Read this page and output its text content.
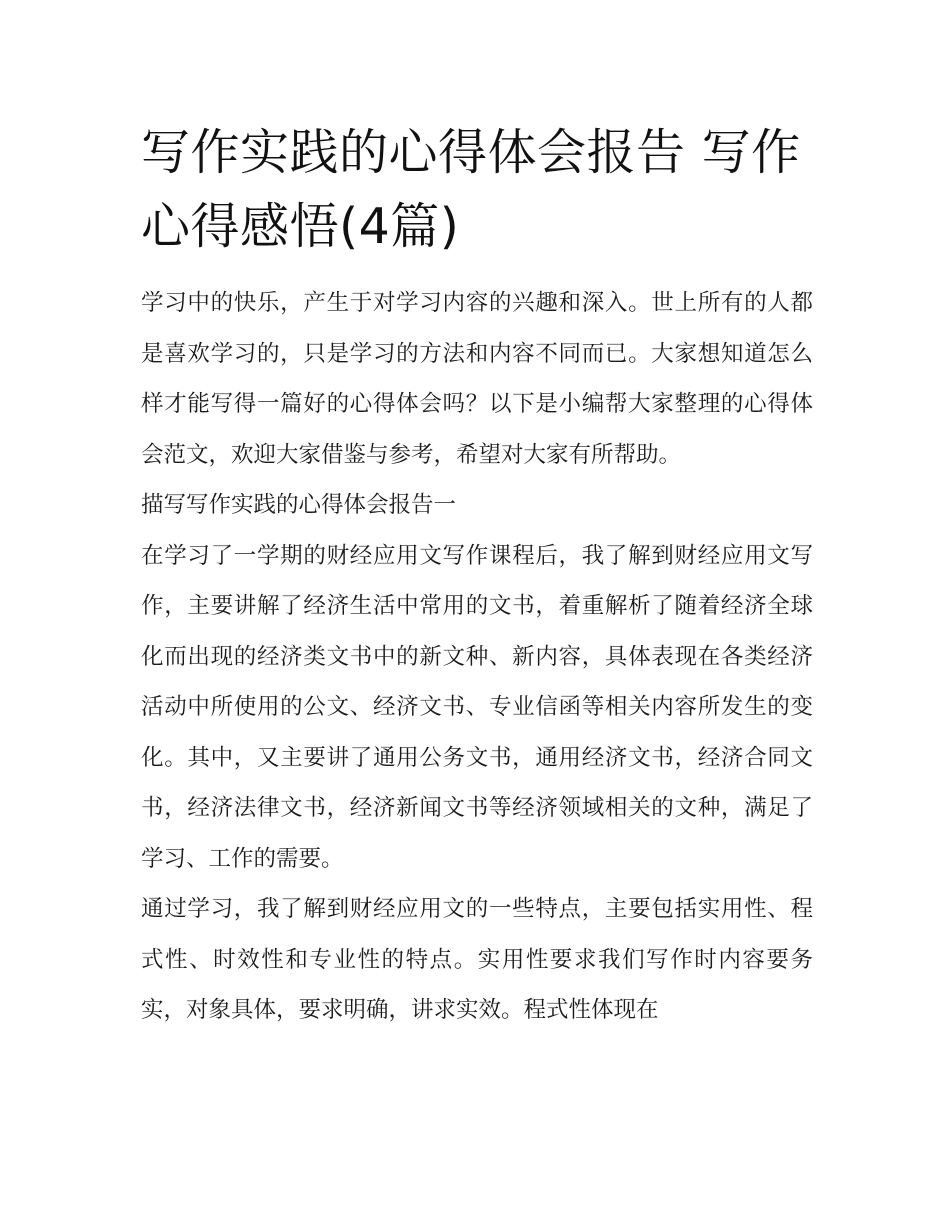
写作实践的心得体会报告 写作心得感悟(4篇)

学习中的快乐，产生于对学习内容的兴趣和深入。世上所有的人都是喜欢学习的，只是学习的方法和内容不同而已。大家想知道怎么样才能写得一篇好的心得体会吗？以下是小编帮大家整理的心得体会范文，欢迎大家借鉴与参考，希望对大家有所帮助。

描写写作实践的心得体会报告一

在学习了一学期的财经应用文写作课程后，我了解到财经应用文写作，主要讲解了经济生活中常用的文书，着重解析了随着经济全球化而出现的经济类文书中的新文种、新内容，具体表现在各类经济活动中所使用的公文、经济文书、专业信函等相关内容所发生的变化。其中，又主要讲了通用公务文书，通用经济文书，经济合同文书，经济法律文书，经济新闻文书等经济领域相关的文种，满足了学习、工作的需要。

通过学习，我了解到财经应用文的一些特点，主要包括实用性、程式性、时效性和专业性的特点。实用性要求我们写作时内容要务实，对象具体，要求明确，讲求实效。程式性体现在
